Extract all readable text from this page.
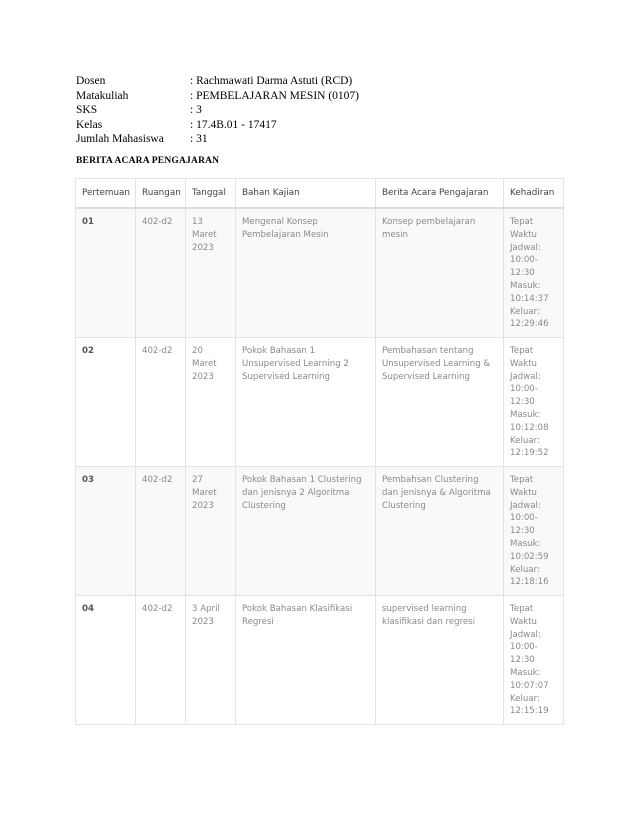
Dosen	: Rachmawati Darma Astuti (RCD)
Matakuliah	: PEMBELAJARAN MESIN (0107)
SKS	: 3
Kelas	: 17.4B.01 - 17417
Jumlah Mahasiswa	: 31
BERITA ACARA PENGAJARAN
Pertemuan	Ruangan	Tanggal	Bahan Kajian	Berita Acara Pengajaran	Kehadiran
01	402-d2	13 Maret 2023	Mengenal Konsep Pembelajaran Mesin	Konsep pembelajaran mesin	Tepat Waktu
Jadwal: 10:00-12:30
Masuk: 10:14:37
Keluar: 12:29:46

02	402-d2	20 Maret 2023	Pokok Bahasan 1 Unsupervised Learning 2 Supervised Learning	Pembahasan tentang Unsupervised Learning & Supervised Learning	Tepat Waktu
Jadwal: 10:00-12:30
Masuk: 10:12:08
Keluar: 12:19:52

03	402-d2	27 Maret 2023	Pokok Bahasan 1 Clustering dan jenisnya 2 Algoritma Clustering	Pembahsan Clustering dan jenisnya & Algoritma Clustering	Tepat Waktu
Jadwal: 10:00-12:30
Masuk: 10:02:59
Keluar: 12:18:16

04	402-d2	3 April 2023	Pokok Bahasan Klasifikasi Regresi	supervised learning klasifikasi dan regresi	Tepat Waktu
Jadwal: 10:00-12:30
Masuk: 10:07:07
Keluar: 12:15:19
